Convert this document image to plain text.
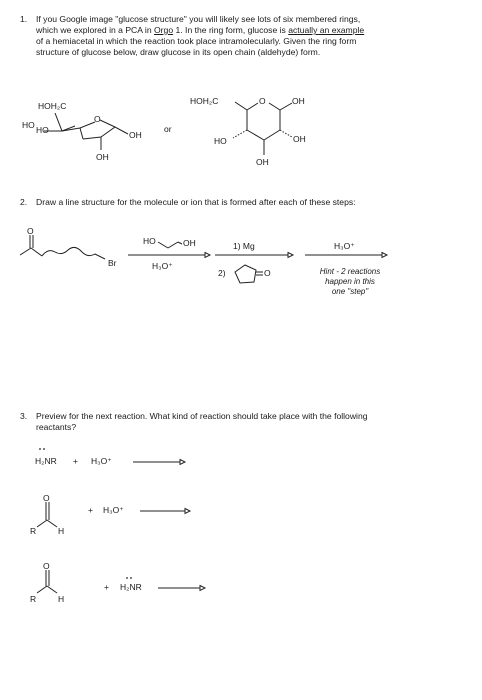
1. If you Google image "glucose structure" you will likely see lots of six membered rings,
which we explored in a PCA in Orgo 1. In the ring form, glucose is actually an example
of a hemiacetal in which the reaction took place intramolecularly. Given the ring form
structure of glucose below, draw glucose in its open chain (aldehyde) form.
HOH₂C
HO HO
O
OH
OH
or
HOH₂C	O	OH
HO	OH
OH
2. Draw a line structure for the molecule or ion that is formed after each of these steps:
O
Br
HO	OH
H₃O⁺
1) Mg
2)	O
H₃O⁺
Hint - 2 reactions
happen in this
one "step"
3. Preview for the next reaction. What kind of reaction should take place with the following
reactants?
H₂NR + H₃O⁺
O
R	H
+ H₃O⁺
O
R	H
+ H₂NR
